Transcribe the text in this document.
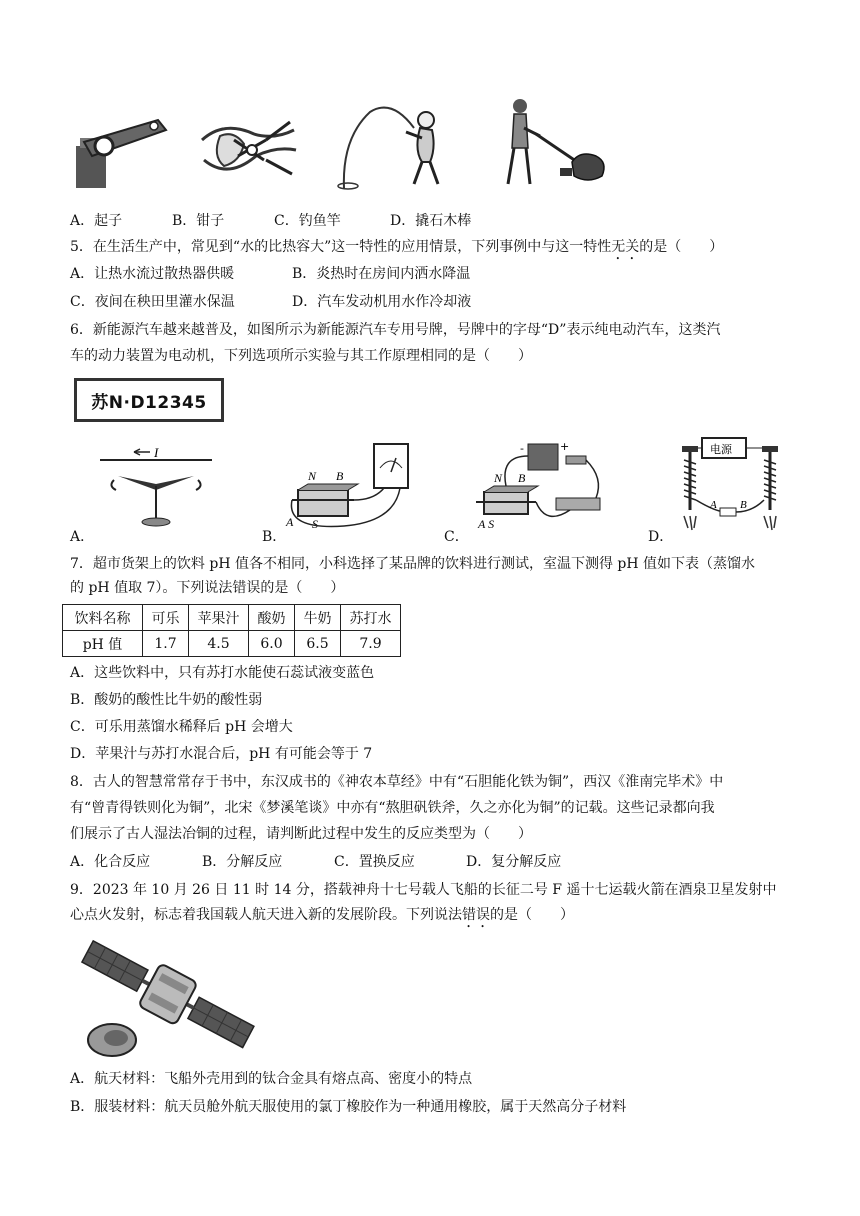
A．起子	B．钳子	C．钓鱼竿	D．撬石木棒
5．在生活生产中，常见到“水的比热容大”这一特性的应用情景，下列事例中与这一特性无关的是（　　）
A．让热水流过散热器供暖	B．炎热时在房间内洒水降温
C．夜间在秧田里灌水保温	D．汽车发动机用水作冷却液
6．新能源汽车越来越普及，如图所示为新能源汽车专用号牌，号牌中的字母“D”表示纯电动汽车，这类汽
车的动力装置为电动机，下列选项所示实验与其工作原理相同的是（　　）
苏N·D12345
I
A．
N B
A S
B．
-	+
N B
A S
C．
电源
A B
D．
7．超市货架上的饮料 pH 值各不相同，小科选择了某品牌的饮料进行测试，室温下测得 pH 值如下表（蒸馏水
的 pH 值取 7）。下列说法错误的是（　　）
饮料名称	可乐	苹果汁	酸奶	牛奶	苏打水
pH 值	1.7	4.5	6.0	6.5	7.9
A．这些饮料中，只有苏打水能使石蕊试液变蓝色
B．酸奶的酸性比牛奶的酸性弱
C．可乐用蒸馏水稀释后 pH 会增大
D．苹果汁与苏打水混合后，pH 有可能会等于 7
8．古人的智慧常常存于书中，东汉成书的《神农本草经》中有“石胆能化铁为铜”，西汉《淮南完毕术》中
有“曾青得铁则化为铜”，北宋《梦溪笔谈》中亦有“熬胆矾铁斧，久之亦化为铜”的记载。这些记录都向我
们展示了古人湿法冶铜的过程，请判断此过程中发生的反应类型为（　　）
A．化合反应	B．分解反应	C．置换反应	D．复分解反应
9．2023 年 10 月 26 日 11 时 14 分，搭载神舟十七号载人飞船的长征二号 F 遥十七运载火箭在酒泉卫星发射中
心点火发射，标志着我国载人航天进入新的发展阶段。下列说法错误的是（　　）
A．航天材料：飞船外壳用到的钛合金具有熔点高、密度小的特点
B．服装材料：航天员舱外航天服使用的氯丁橡胶作为一种通用橡胶，属于天然高分子材料
